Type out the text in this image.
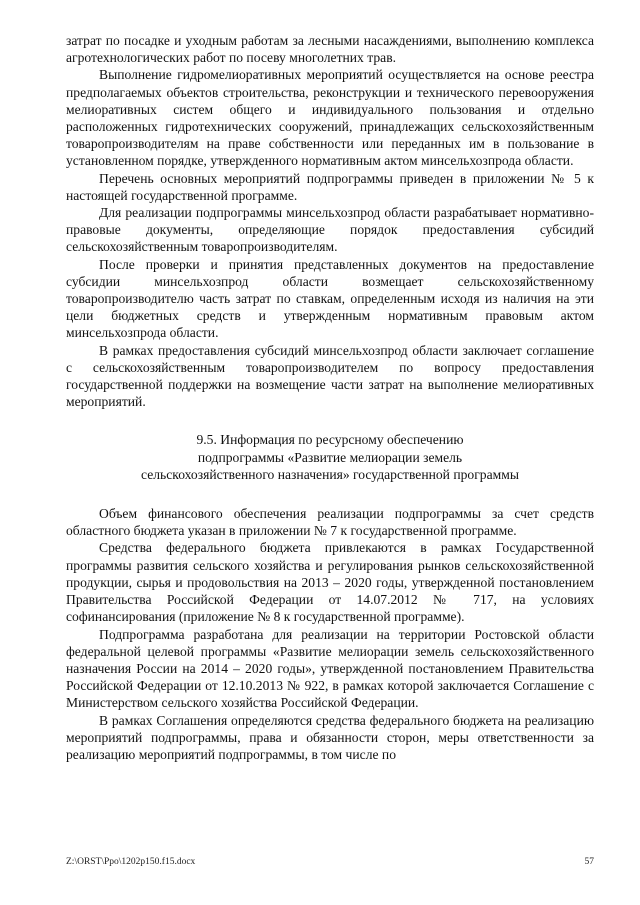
затрат по посадке и уходным работам за лесными насаждениями, выполнению комплекса агротехнологических работ по посеву многолетних трав.

Выполнение гидромелиоративных мероприятий осуществляется на основе реестра предполагаемых объектов строительства, реконструкции и технического перевооружения мелиоративных систем общего и индивидуального пользования и отдельно расположенных гидротехнических сооружений, принадлежащих сельскохозяйственным товаропроизводителям на праве собственности или переданных им в пользование в установленном порядке, утвержденного нормативным актом минсельхозпрода области.

Перечень основных мероприятий подпрограммы приведен в приложении № 5 к настоящей государственной программе.

Для реализации подпрограммы минсельхозпрод области разрабатывает нормативно-правовые документы, определяющие порядок предоставления субсидий сельскохозяйственным товаропроизводителям.

После проверки и принятия представленных документов на предоставление субсидии минсельхозпрод области возмещает сельскохозяйственному товаропроизводителю часть затрат по ставкам, определенным исходя из наличия на эти цели бюджетных средств и утвержденным нормативным правовым актом минсельхозпрода области.

В рамках предоставления субсидий минсельхозпрод области заключает соглашение с сельскохозяйственным товаропроизводителем по вопросу предоставления государственной поддержки на возмещение части затрат на выполнение мелиоративных мероприятий.

9.5. Информация по ресурсному обеспечению

подпрограммы «Развитие мелиорации земель

сельскохозяйственного назначения» государственной программы

Объем финансового обеспечения реализации подпрограммы за счет средств областного бюджета указан в приложении № 7 к государственной программе.

Средства федерального бюджета привлекаются в рамках Государственной программы развития сельского хозяйства и регулирования рынков сельскохозяйственной продукции, сырья и продовольствия на 2013 – 2020 годы, утвержденной постановлением Правительства Российской Федерации от 14.07.2012 № 717, на условиях софинансирования (приложение № 8 к государственной программе).

Подпрограмма разработана для реализации на территории Ростовской области федеральной целевой программы «Развитие мелиорации земель сельскохозяйственного назначения России на 2014 – 2020 годы», утвержденной постановлением Правительства Российской Федерации от 12.10.2013 № 922, в рамках которой заключается Соглашение с Министерством сельского хозяйства Российской Федерации.

В рамках Соглашения определяются средства федерального бюджета на реализацию мероприятий подпрограммы, права и обязанности сторон, меры ответственности за реализацию мероприятий подпрограммы, в том числе по

Z:\ORST\Ppo\1202p150.f15.docx	57
